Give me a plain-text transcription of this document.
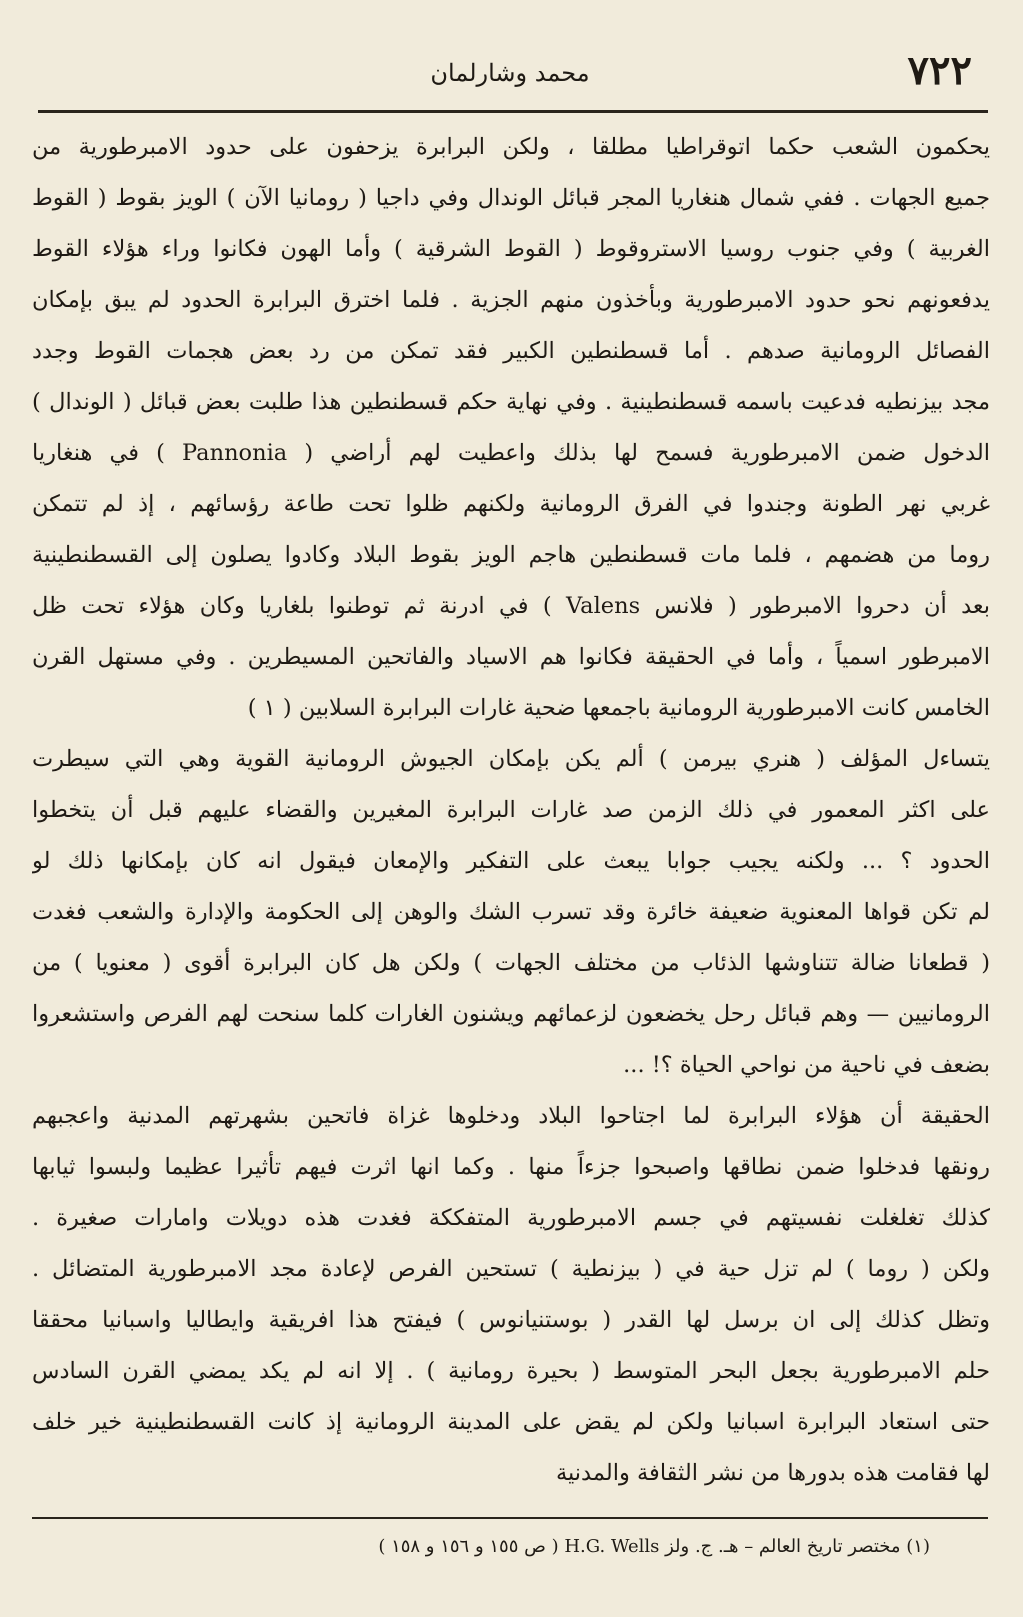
٧٢٢
محمد وشارلمان
يحكمون الشعب حكما اتوقراطيا مطلقا ، ولكن البرابرة يزحفون على حدود الامبرطورية من
جميع الجهات . ففي شمال هنغاريا المجر قبائل الوندال وفي داجيا ( رومانيا الآن ) الويز بقوط ( القوط
الغربية ) وفي جنوب روسيا الاستروقوط ( القوط الشرقية ) وأما الهون فكانوا وراء هؤلاء القوط
يدفعونهم نحو حدود الامبرطورية وبأخذون منهم الجزية . فلما اخترق البرابرة الحدود لم يبق بإمكان
الفصائل الرومانية صدهم . أما قسطنطين الكبير فقد تمكن من رد بعض هجمات القوط وجدد
مجد بيزنطيه فدعيت باسمه قسطنطينية . وفي نهاية حكم قسطنطين هذا طلبت بعض قبائل ( الوندال )
الدخول ضمن الامبرطورية فسمح لها بذلك واعطيت لهم أراضي ( Pannonia ) في هنغاريا
غربي نهر الطونة وجندوا في الفرق الرومانية ولكنهم ظلوا تحت طاعة رؤسائهم ، إذ لم تتمكن
روما من هضمهم ، فلما مات قسطنطين هاجم الويز بقوط البلاد وكادوا يصلون إلى القسطنطينية
بعد أن دحروا الامبرطور ( فلانس Valens ) في ادرنة ثم توطنوا بلغاريا وكان هؤلاء تحت ظل
الامبرطور اسمياً ، وأما في الحقيقة فكانوا هم الاسياد والفاتحين المسيطرين . وفي مستهل القرن
الخامس كانت الامبرطورية الرومانية باجمعها ضحية غارات البرابرة السلابين ( ١ )
يتساءل المؤلف ( هنري بيرمن ) ألم يكن بإمكان الجيوش الرومانية القوية وهي التي سيطرت
على اكثر المعمور في ذلك الزمن صد غارات البرابرة المغيرين والقضاء عليهم قبل أن يتخطوا
الحدود ؟ ... ولكنه يجيب جوابا يبعث على التفكير والإمعان فيقول انه كان بإمكانها ذلك لو
لم تكن قواها المعنوية ضعيفة خائرة وقد تسرب الشك والوهن إلى الحكومة والإدارة والشعب فغدت
( قطعانا ضالة تتناوشها الذئاب من مختلف الجهات ) ولكن هل كان البرابرة أقوى ( معنويا ) من
الرومانيين — وهم قبائل رحل يخضعون لزعمائهم ويشنون الغارات كلما سنحت لهم الفرص واستشعروا
بضعف في ناحية من نواحي الحياة ؟! ...
الحقيقة أن هؤلاء البرابرة لما اجتاحوا البلاد ودخلوها غزاة فاتحين بشهرتهم المدنية واعجبهم
رونقها فدخلوا ضمن نطاقها واصبحوا جزءاً منها . وكما انها اثرت فيهم تأثيرا عظيما ولبسوا ثيابها
كذلك تغلغلت نفسيتهم في جسم الامبرطورية المتفككة فغدت هذه دويلات وامارات صغيرة .
ولكن ( روما ) لم تزل حية في ( بيزنطية ) تستحين الفرص لإعادة مجد الامبرطورية المتضائل .
وتظل كذلك إلى ان برسل لها القدر ( بوستنيانوس ) فيفتح هذا افريقية وايطاليا واسبانيا محققا
حلم الامبرطورية بجعل البحر المتوسط ( بحيرة رومانية ) . إلا انه لم يكد يمضي القرن السادس
حتى استعاد البرابرة اسبانيا ولكن لم يقض على المدينة الرومانية إذ كانت القسطنطينية خير خلف
لها فقامت هذه بدورها من نشر الثقافة والمدنية
(١) مختصر تاريخ العالم – هـ. ج. ولز H.G. Wells ( ص ١٥٥ و ١٥٦ و ١٥٨ )
